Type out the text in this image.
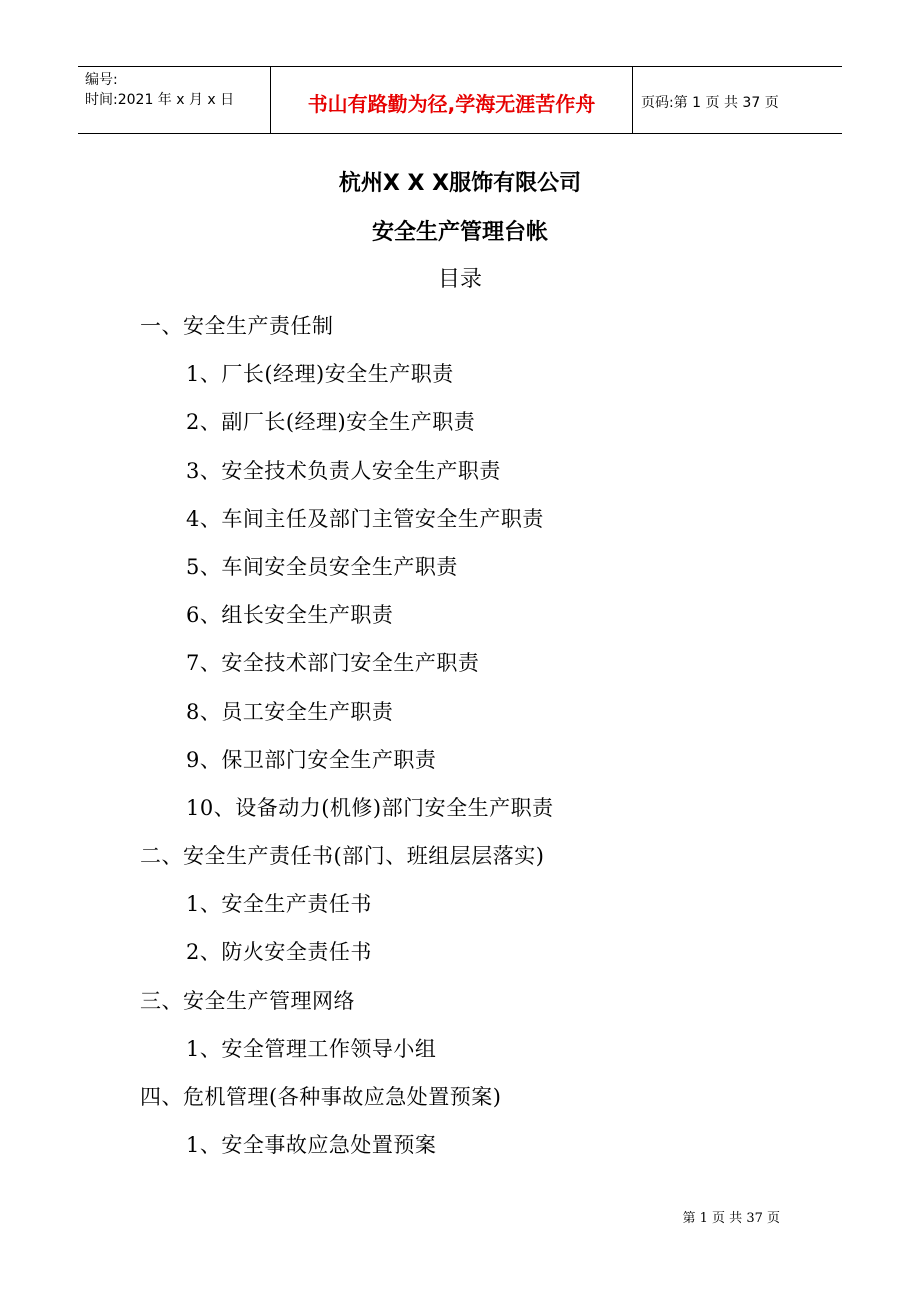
编号:
时间:2021 年 x 月 x 日	书山有路勤为径,学海无涯苦作舟	页码:第 1 页 共 37 页
杭州X X X服饰有限公司
安全生产管理台帐
目录
一、安全生产责任制
1、厂长(经理)安全生产职责
2、副厂长(经理)安全生产职责
3、安全技术负责人安全生产职责
4、车间主任及部门主管安全生产职责
5、车间安全员安全生产职责
6、组长安全生产职责
7、安全技术部门安全生产职责
8、员工安全生产职责
9、保卫部门安全生产职责
10、设备动力(机修)部门安全生产职责
二、安全生产责任书(部门、班组层层落实)
1、安全生产责任书
2、防火安全责任书
三、安全生产管理网络
1、安全管理工作领导小组
四、危机管理(各种事故应急处置预案)
1、安全事故应急处置预案
第 1 页 共 37 页
